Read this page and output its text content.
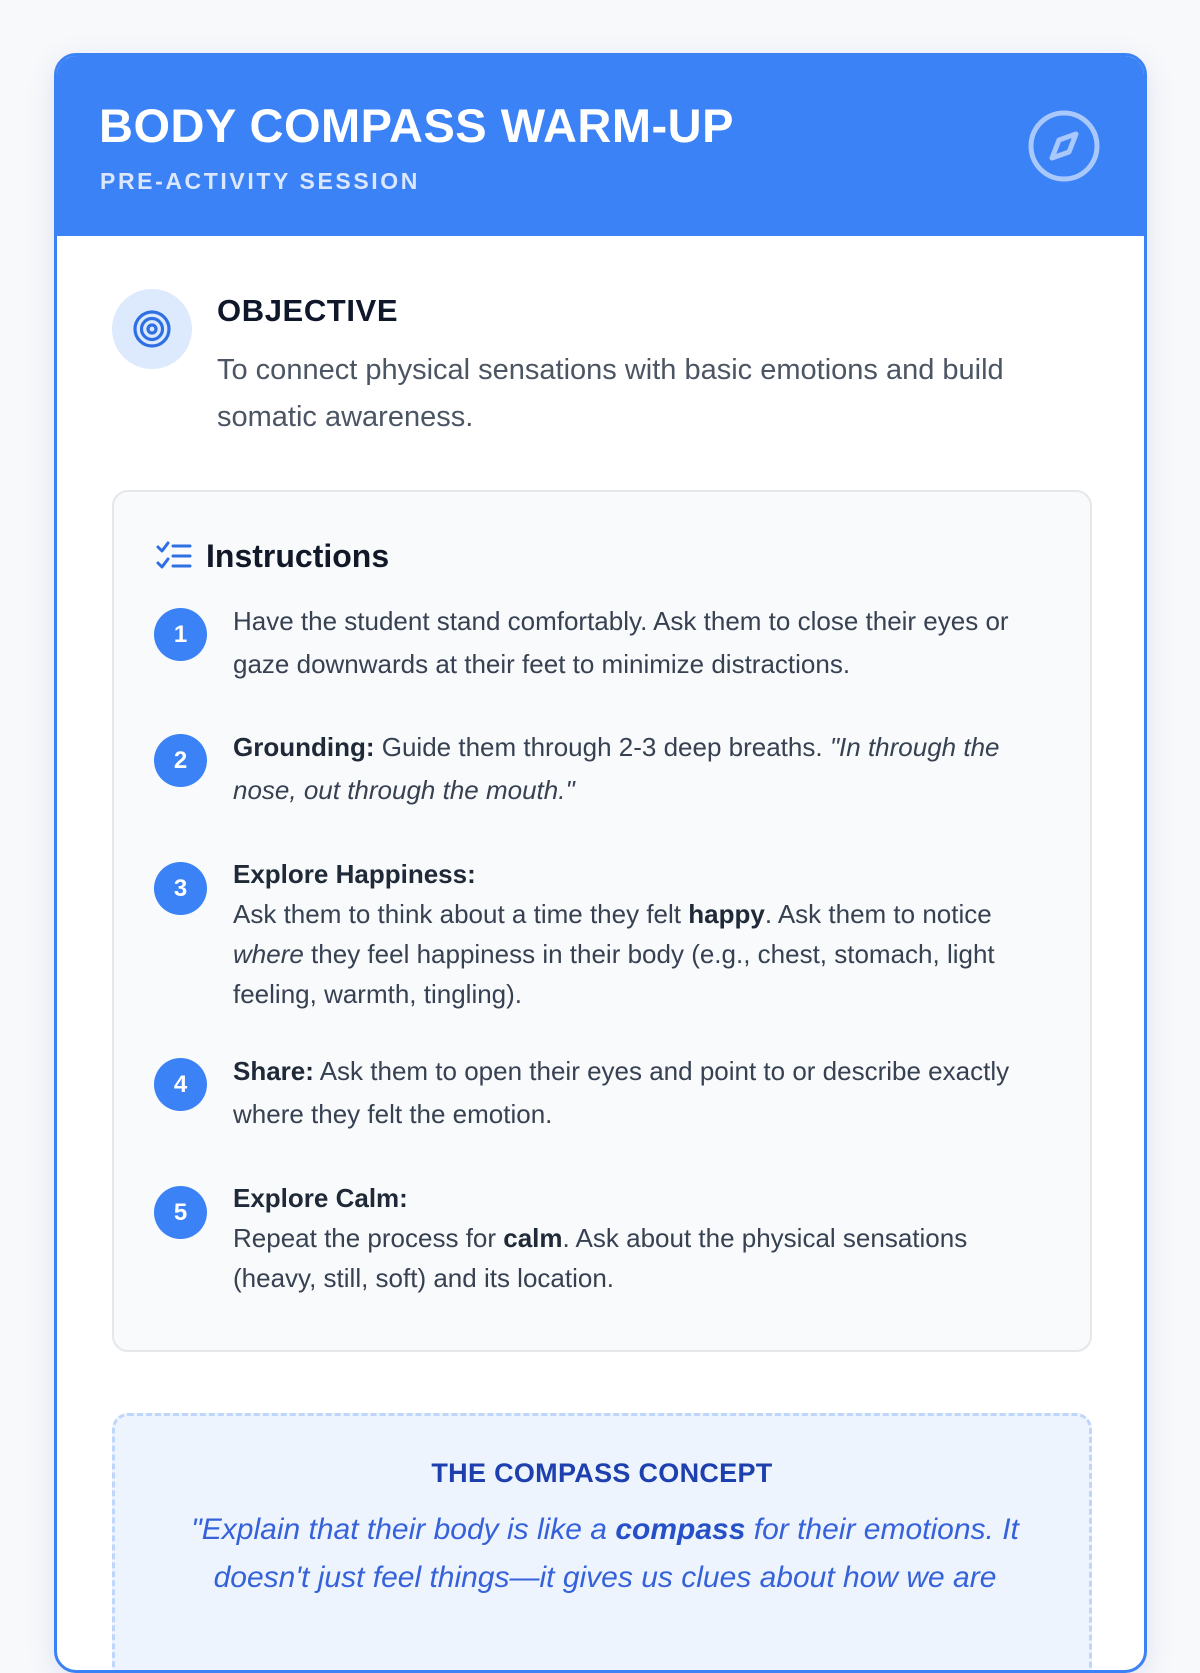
BODY COMPASS WARM-UP
PRE-ACTIVITY SESSION
OBJECTIVE

To connect physical sensations with basic emotions and build somatic awareness.

Instructions
1	Have the student stand comfortably. Ask them to close their eyes or gaze downwards at their feet to minimize distractions.

2	Grounding: Guide them through 2-3 deep breaths. "In through the nose, out through the mouth."

3	Explore Happiness:
Ask them to think about a time they felt happy. Ask them to notice where they feel happiness in their body (e.g., chest, stomach, light feeling, warmth, tingling).

4	Share: Ask them to open their eyes and point to or describe exactly where they felt the emotion.

5	Explore Calm:
Repeat the process for calm. Ask about the physical sensations (heavy, still, soft) and its location.

THE COMPASS CONCEPT

"Explain that their body is like a compass for their emotions. It doesn't just feel things—it gives us clues about how we are
